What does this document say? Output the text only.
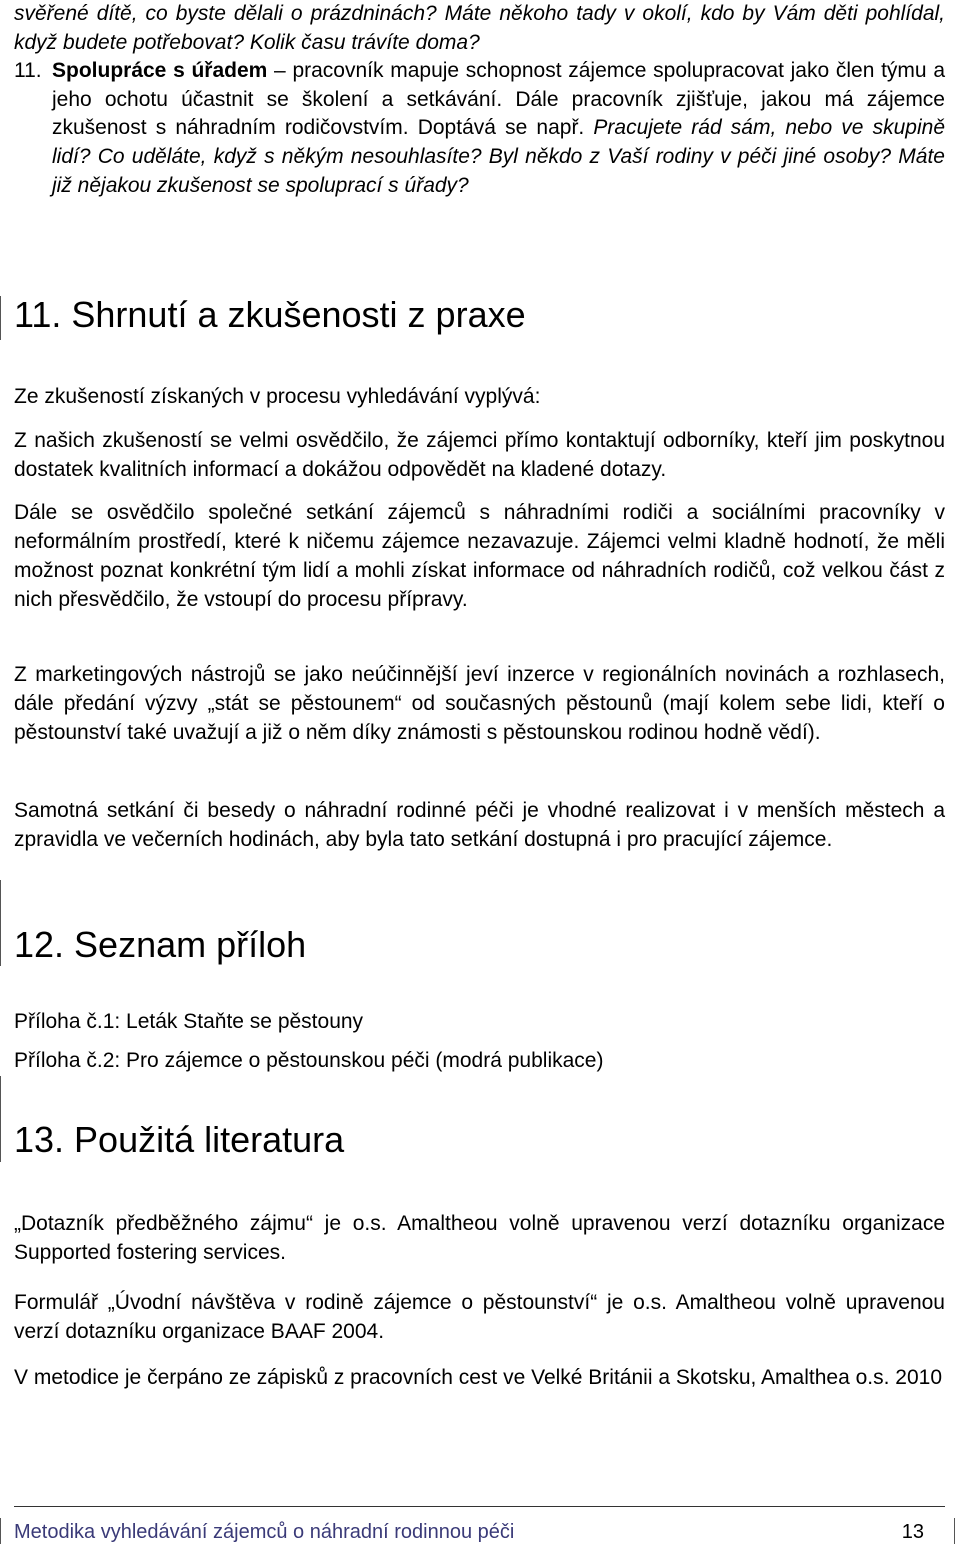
svěřené dítě, co byste dělali o prázdninách? Máte někoho tady v okolí, kdo by Vám děti pohlídal, když budete potřebovat? Kolik času trávíte doma?

11. Spolupráce s úřadem – pracovník mapuje schopnost zájemce spolupracovat jako člen týmu a jeho ochotu účastnit se školení a setkávání. Dále pracovník zjišťuje, jakou má zájemce zkušenost s náhradním rodičovstvím. Doptává se např. Pracujete rád sám, nebo ve skupině lidí? Co uděláte, když s někým nesouhlasíte? Byl někdo z Vaší rodiny v péči jiné osoby? Máte již nějakou zkušenost se spoluprací s úřady?

11. Shrnutí a zkušenosti z praxe

Ze zkušeností získaných v procesu vyhledávání vyplývá:

Z našich zkušeností se velmi osvědčilo, že zájemci přímo kontaktují odborníky, kteří jim poskytnou dostatek kvalitních informací a dokážou odpovědět na kladené dotazy.

Dále se osvědčilo společné setkání zájemců s náhradními rodiči a sociálními pracovníky v neformálním prostředí, které k ničemu zájemce nezavazuje. Zájemci velmi kladně hodnotí, že měli možnost poznat konkrétní tým lidí a mohli získat informace od náhradních rodičů, což velkou část z nich přesvědčilo, že vstoupí do procesu přípravy.

Z marketingových nástrojů se jako neúčinnější jeví inzerce v regionálních novinách a rozhlasech, dále předání výzvy „stát se pěstounem“ od současných pěstounů (mají kolem sebe lidi, kteří o pěstounství také uvažují a již o něm díky známosti s pěstounskou rodinou hodně vědí).

Samotná setkání či besedy o náhradní rodinné péči je vhodné realizovat i v menších městech a zpravidla ve večerních hodinách, aby byla tato setkání dostupná i pro pracující zájemce.

12. Seznam příloh

Příloha č.1: Leták Staňte se pěstouny

Příloha č.2: Pro zájemce o pěstounskou péči (modrá publikace)

13. Použitá literatura

„Dotazník předběžného zájmu“ je o.s. Amaltheou volně upravenou verzí dotazníku organizace Supported fostering services.

Formulář „Úvodní návštěva v rodině zájemce o pěstounství“ je o.s. Amaltheou volně upravenou verzí dotazníku organizace BAAF 2004.

V metodice je čerpáno ze zápisků z pracovních cest ve Velké Británii a Skotsku, Amalthea o.s. 2010

Metodika vyhledávání zájemců o náhradní rodinnou péči	13
